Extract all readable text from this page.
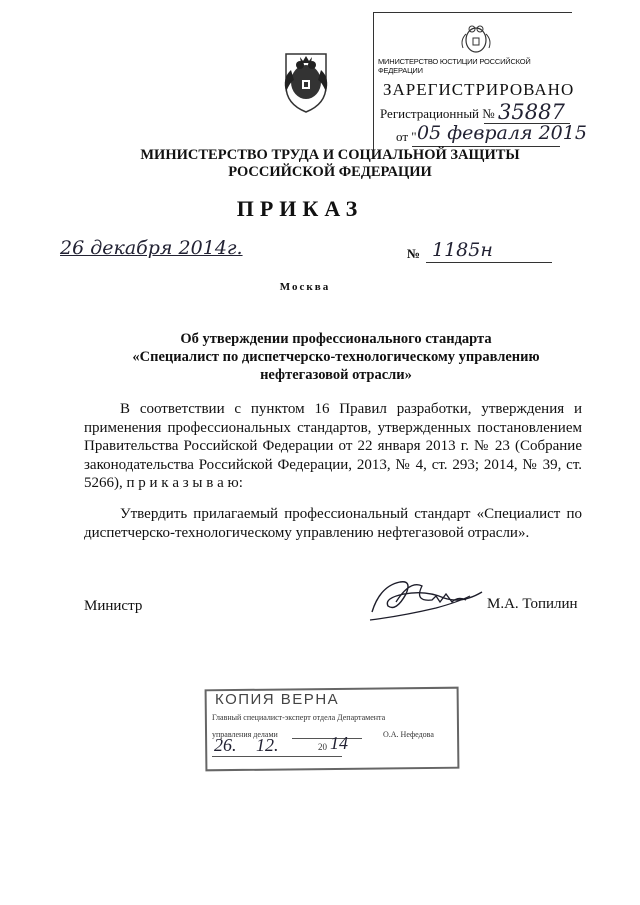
МИНИСТЕРСТВО ЮСТИЦИИ РОССИЙСКОЙ ФЕДЕРАЦИИ
ЗАРЕГИСТРИРОВАНО
Регистрационный № 35887
от " 05 февраля 2015
МИНИСТЕРСТВО ТРУДА И СОЦИАЛЬНОЙ ЗАЩИТЫ
РОССИЙСКОЙ ФЕДЕРАЦИИ
ПРИКАЗ
26 декабря 2014г.	№ 1185н
Москва
Об утверждении профессионального стандарта
«Специалист по диспетчерско-технологическому управлению
нефтегазовой отрасли»
В соответствии с пунктом 16 Правил разработки, утверждения и применения профессиональных стандартов, утвержденных постановлением Правительства Российской Федерации от 22 января 2013 г. № 23 (Собрание законодательства Российской Федерации, 2013, № 4, ст. 293; 2014, № 39, ст. 5266), п р и к а з ы в а ю:
Утвердить прилагаемый профессиональный стандарт «Специалист по диспетчерско-технологическому управлению нефтегазовой отрасли».
Министр	М.А. Топилин
КОПИЯ ВЕРНА
Главный специалист-эксперт отдела Департамента
управления делами	О.А. Нефедова
26. 12.	20 14
